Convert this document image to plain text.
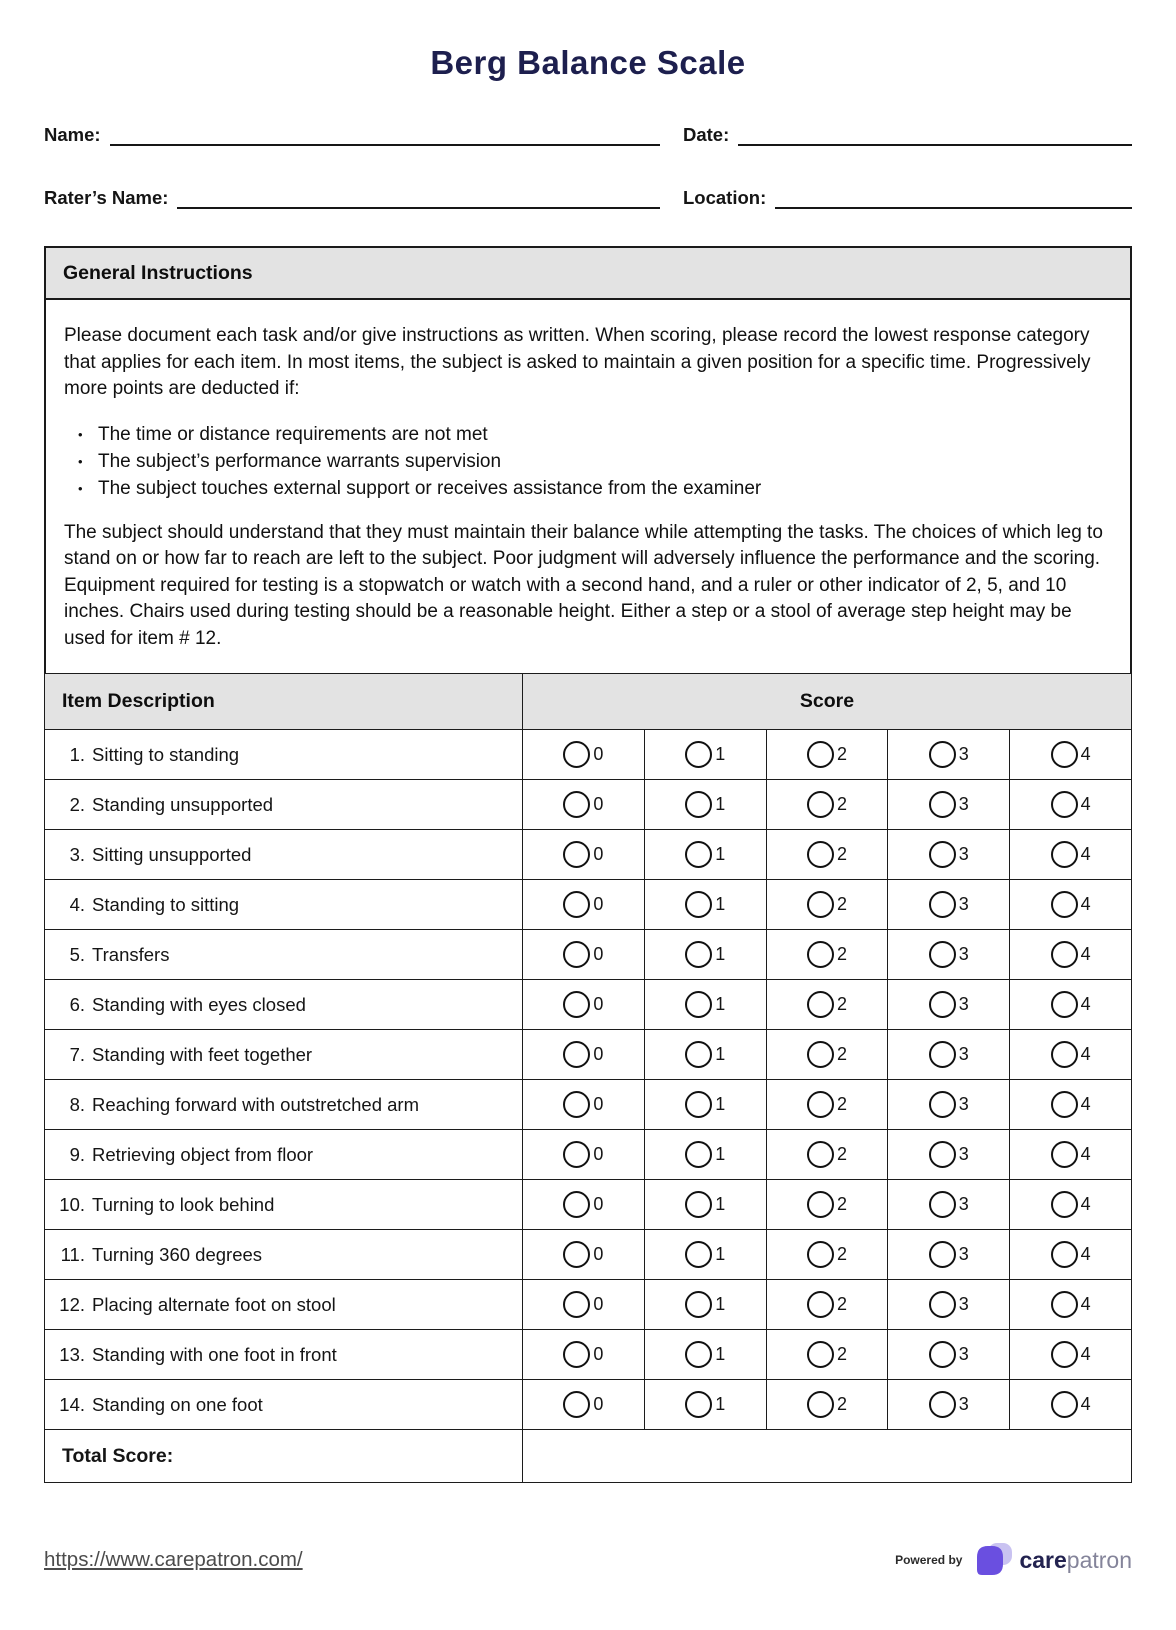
Berg Balance Scale
Name:	Date:
Rater’s Name:	Location:
General Instructions

Please document each task and/or give instructions as written. When scoring, please record the lowest response category that applies for each item. In most items, the subject is asked to maintain a given position for a specific time. Progressively more points are deducted if:

• The time or distance requirements are not met
• The subject’s performance warrants supervision
• The subject touches external support or receives assistance from the examiner

The subject should understand that they must maintain their balance while attempting the tasks. The choices of which leg to stand on or how far to reach are left to the subject. Poor judgment will adversely influence the performance and the scoring. Equipment required for testing is a stopwatch or watch with a second hand, and a ruler or other indicator of 2, 5, and 10 inches. Chairs used during testing should be a reasonable height. Either a step or a stool of average step height may be used for item # 12.

Item Description	Score				

1. Sitting to standing	0	1	2	3	4

2. Standing unsupported	0	1	2	3	4

3. Sitting unsupported	0	1	2	3	4

4. Standing to sitting	0	1	2	3	4

5. Transfers	0	1	2	3	4

6. Standing with eyes closed	0	1	2	3	4

7. Standing with feet together	0	1	2	3	4

8. Reaching forward with outstretched arm	0	1	2	3	4

9. Retrieving object from floor	0	1	2	3	4

10. Turning to look behind	0	1	2	3	4

11. Turning 360 degrees	0	1	2	3	4

12. Placing alternate foot on stool	0	1	2	3	4

13. Standing with one foot in front	0	1	2	3	4

14. Standing on one foot	0	1	2	3	4

Total Score:					
https://www.carepatron.com/	Powered by carepatron
